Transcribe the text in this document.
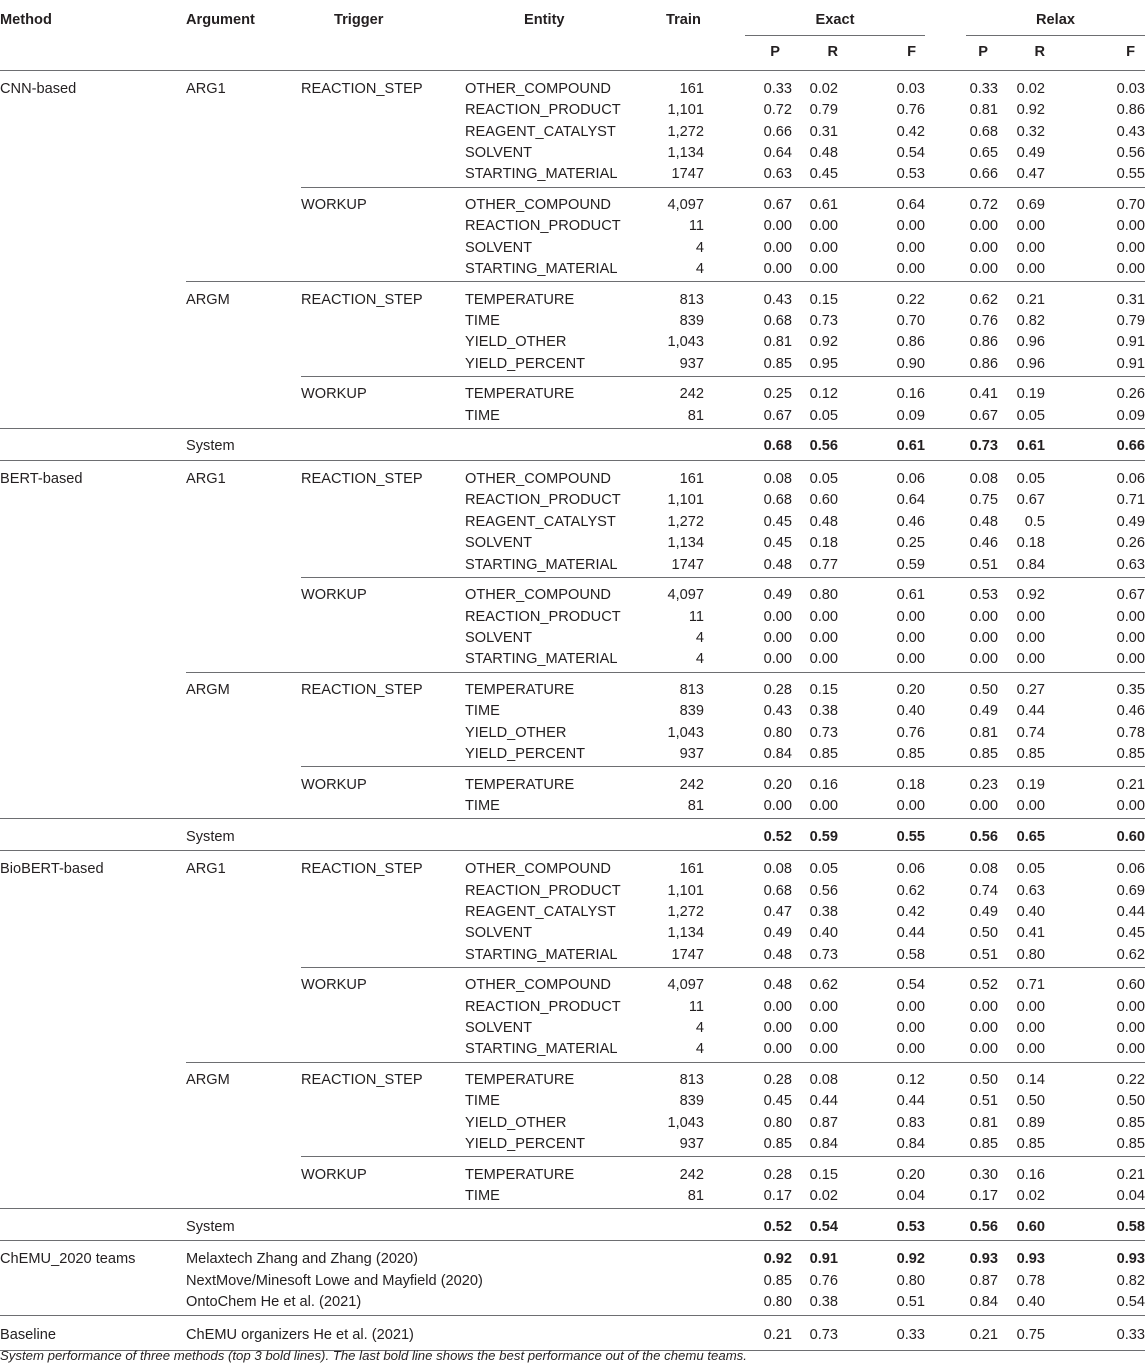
Method	Argument	Trigger	Entity	Train	Exact	Relax
P	R	F	P	R	F
CNN-based	ARG1	REACTION_STEP	OTHER_COMPOUND	161	0.33	0.02	0.03	0.33	0.02	0.03
REACTION_PRODUCT	1,101	0.72	0.79	0.76	0.81	0.92	0.86
REAGENT_CATALYST	1,272	0.66	0.31	0.42	0.68	0.32	0.43
SOLVENT	1,134	0.64	0.48	0.54	0.65	0.49	0.56
STARTING_MATERIAL	1747	0.63	0.45	0.53	0.66	0.47	0.55
WORKUP	OTHER_COMPOUND	4,097	0.67	0.61	0.64	0.72	0.69	0.70
REACTION_PRODUCT	11	0.00	0.00	0.00	0.00	0.00	0.00
SOLVENT	4	0.00	0.00	0.00	0.00	0.00	0.00
STARTING_MATERIAL	4	0.00	0.00	0.00	0.00	0.00	0.00
ARGM	REACTION_STEP	TEMPERATURE	813	0.43	0.15	0.22	0.62	0.21	0.31
TIME	839	0.68	0.73	0.70	0.76	0.82	0.79
YIELD_OTHER	1,043	0.81	0.92	0.86	0.86	0.96	0.91
YIELD_PERCENT	937	0.85	0.95	0.90	0.86	0.96	0.91
WORKUP	TEMPERATURE	242	0.25	0.12	0.16	0.41	0.19	0.26
TIME	81	0.67	0.05	0.09	0.67	0.05	0.09
System	0.68	0.56	0.61	0.73	0.61	0.66
BERT-based	ARG1	REACTION_STEP	OTHER_COMPOUND	161	0.08	0.05	0.06	0.08	0.05	0.06
REACTION_PRODUCT	1,101	0.68	0.60	0.64	0.75	0.67	0.71
REAGENT_CATALYST	1,272	0.45	0.48	0.46	0.48	0.5	0.49
SOLVENT	1,134	0.45	0.18	0.25	0.46	0.18	0.26
STARTING_MATERIAL	1747	0.48	0.77	0.59	0.51	0.84	0.63
WORKUP	OTHER_COMPOUND	4,097	0.49	0.80	0.61	0.53	0.92	0.67
REACTION_PRODUCT	11	0.00	0.00	0.00	0.00	0.00	0.00
SOLVENT	4	0.00	0.00	0.00	0.00	0.00	0.00
STARTING_MATERIAL	4	0.00	0.00	0.00	0.00	0.00	0.00
ARGM	REACTION_STEP	TEMPERATURE	813	0.28	0.15	0.20	0.50	0.27	0.35
TIME	839	0.43	0.38	0.40	0.49	0.44	0.46
YIELD_OTHER	1,043	0.80	0.73	0.76	0.81	0.74	0.78
YIELD_PERCENT	937	0.84	0.85	0.85	0.85	0.85	0.85
WORKUP	TEMPERATURE	242	0.20	0.16	0.18	0.23	0.19	0.21
TIME	81	0.00	0.00	0.00	0.00	0.00	0.00
System	0.52	0.59	0.55	0.56	0.65	0.60
BioBERT-based	ARG1	REACTION_STEP	OTHER_COMPOUND	161	0.08	0.05	0.06	0.08	0.05	0.06
REACTION_PRODUCT	1,101	0.68	0.56	0.62	0.74	0.63	0.69
REAGENT_CATALYST	1,272	0.47	0.38	0.42	0.49	0.40	0.44
SOLVENT	1,134	0.49	0.40	0.44	0.50	0.41	0.45
STARTING_MATERIAL	1747	0.48	0.73	0.58	0.51	0.80	0.62
WORKUP	OTHER_COMPOUND	4,097	0.48	0.62	0.54	0.52	0.71	0.60
REACTION_PRODUCT	11	0.00	0.00	0.00	0.00	0.00	0.00
SOLVENT	4	0.00	0.00	0.00	0.00	0.00	0.00
STARTING_MATERIAL	4	0.00	0.00	0.00	0.00	0.00	0.00
ARGM	REACTION_STEP	TEMPERATURE	813	0.28	0.08	0.12	0.50	0.14	0.22
TIME	839	0.45	0.44	0.44	0.51	0.50	0.50
YIELD_OTHER	1,043	0.80	0.87	0.83	0.81	0.89	0.85
YIELD_PERCENT	937	0.85	0.84	0.84	0.85	0.85	0.85
WORKUP	TEMPERATURE	242	0.28	0.15	0.20	0.30	0.16	0.21
TIME	81	0.17	0.02	0.04	0.17	0.02	0.04
System	0.52	0.54	0.53	0.56	0.60	0.58
ChEMU_2020 teams	Melaxtech Zhang and Zhang (2020)	0.92	0.91	0.92	0.93	0.93	0.93
NextMove/Minesoft Lowe and Mayfield (2020)	0.85	0.76	0.80	0.87	0.78	0.82
OntoChem He et al. (2021)	0.80	0.38	0.51	0.84	0.40	0.54
Baseline	ChEMU organizers He et al. (2021)	0.21	0.73	0.33	0.21	0.75	0.33
System performance of three methods (top 3 bold lines). The last bold line shows the best performance out of the chemu teams.
